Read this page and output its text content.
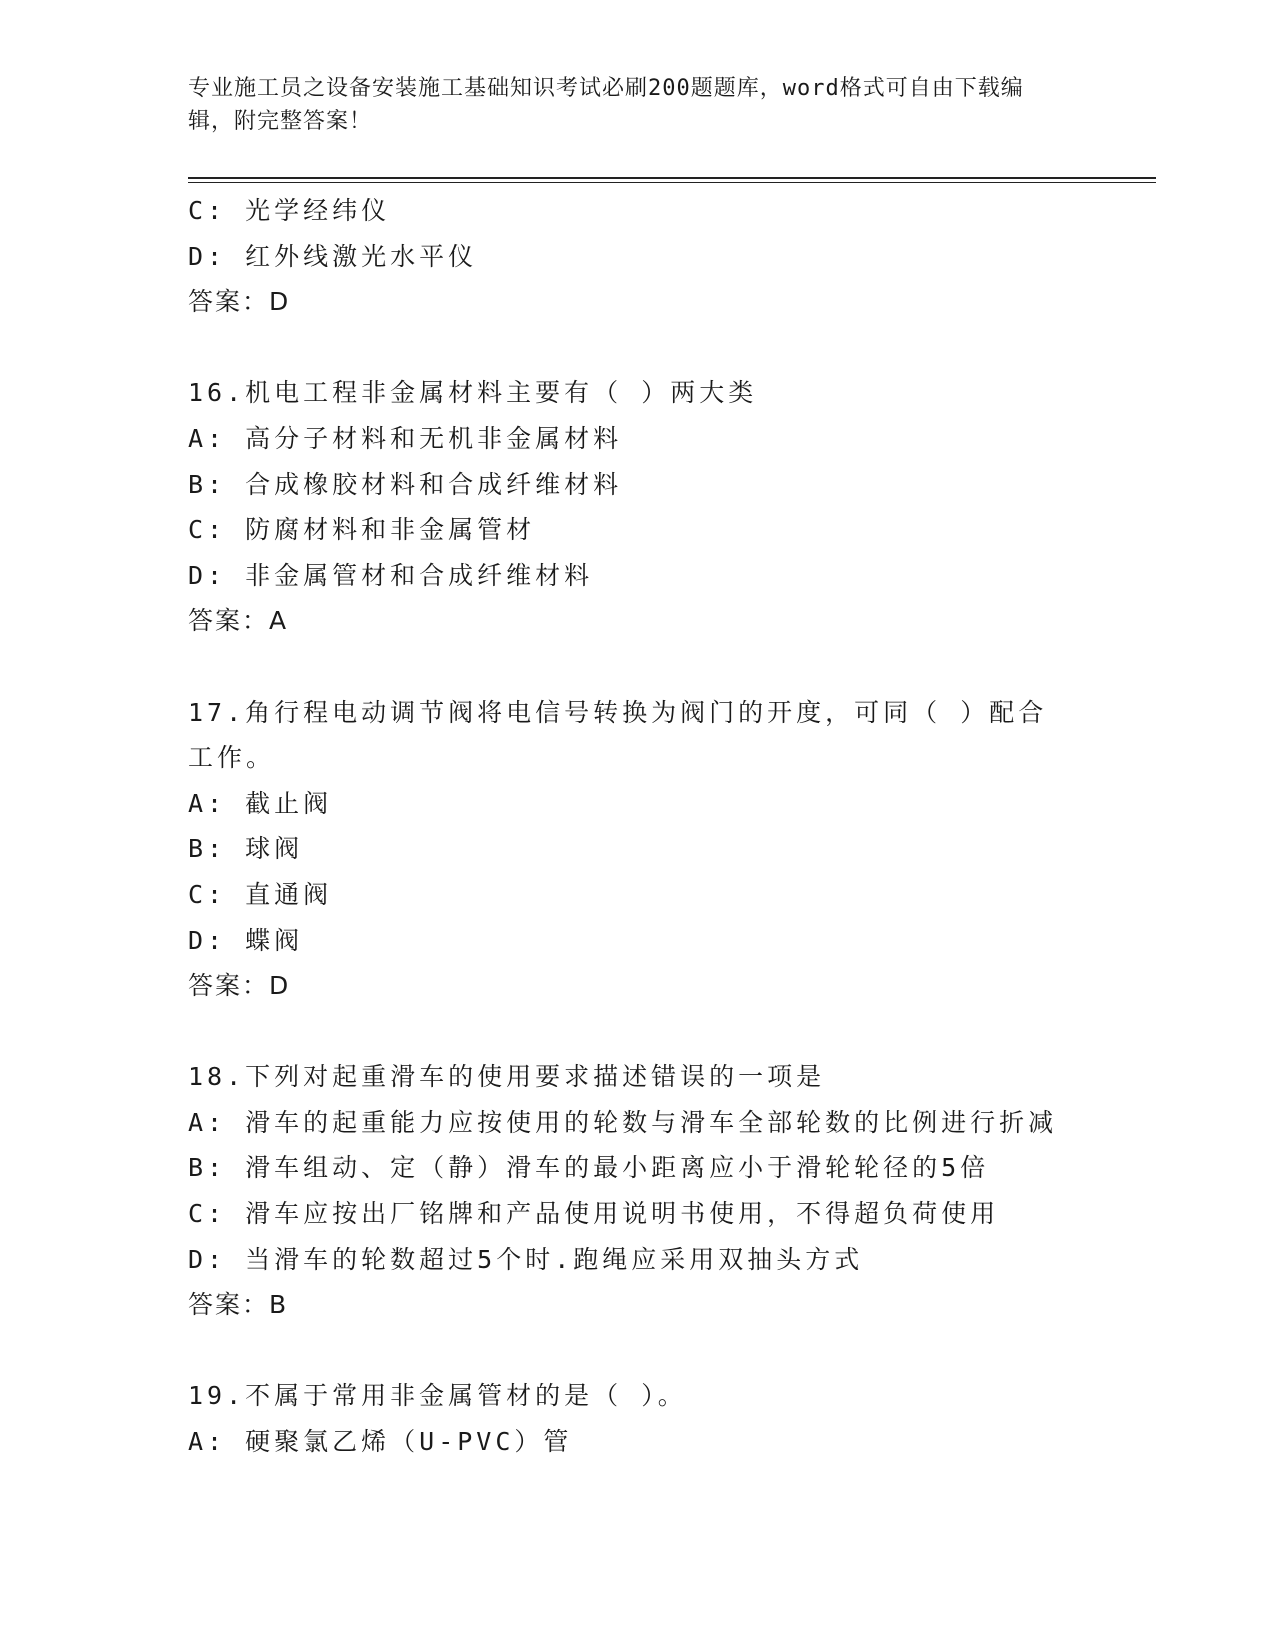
专业施工员之设备安装施工基础知识考试必刷200题题库，word格式可自由下载编辑，附完整答案！
C: 光学经纬仪
D: 红外线激光水平仪
答案：D
16.机电工程非金属材料主要有（ ）两大类
A: 高分子材料和无机非金属材料
B: 合成橡胶材料和合成纤维材料
C: 防腐材料和非金属管材
D: 非金属管材和合成纤维材料
答案：A
17.角行程电动调节阀将电信号转换为阀门的开度，可同（ ）配合工作。
A: 截止阀
B: 球阀
C: 直通阀
D: 蝶阀
答案：D
18.下列对起重滑车的使用要求描述错误的一项是
A: 滑车的起重能力应按使用的轮数与滑车全部轮数的比例进行折减
B: 滑车组动、定（静）滑车的最小距离应小于滑轮轮径的5倍
C: 滑车应按出厂铭牌和产品使用说明书使用，不得超负荷使用
D: 当滑车的轮数超过5个时.跑绳应采用双抽头方式
答案：B
19.不属于常用非金属管材的是（ ）。
A: 硬聚氯乙烯（U-PVC）管
